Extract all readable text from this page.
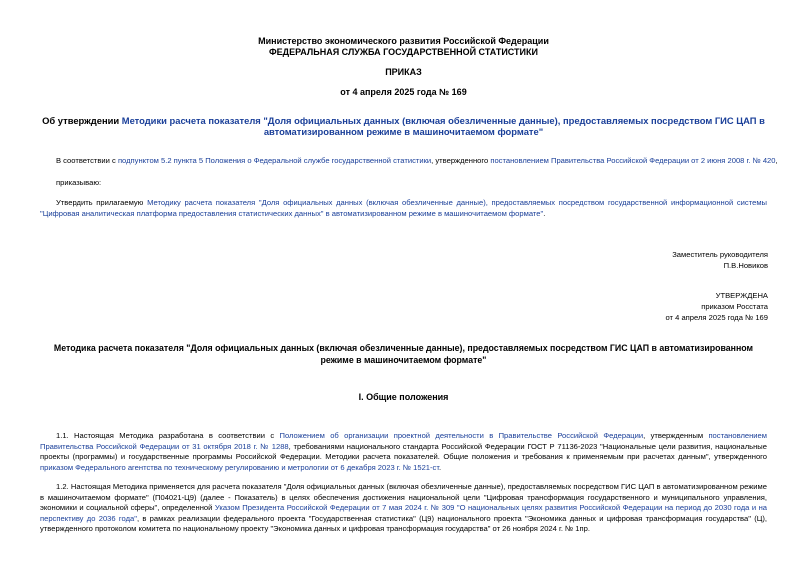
Министерство экономического развития Российской Федерации
ФЕДЕРАЛЬНАЯ СЛУЖБА ГОСУДАРСТВЕННОЙ СТАТИСТИКИ
ПРИКАЗ
от 4 апреля 2025 года № 169
Об утверждении Методики расчета показателя "Доля официальных данных (включая обезличенные данные), предоставляемых посредством ГИС ЦАП в
автоматизированном режиме в машиночитаемом формате"
В соответствии с подпунктом 5.2 пункта 5 Положения о Федеральной службе государственной статистики, утвержденного постановлением Правительства Российской Федерации от 2 июня 2008 г. № 420,
приказываю:
Утвердить прилагаемую Методику расчета показателя "Доля официальных данных (включая обезличенные данные), предоставляемых посредством государственной информационной системы "Цифровая аналитическая платформа предоставления статистических данных" в автоматизированном режиме в машиночитаемом формате".
Заместитель руководителя
П.В.Новиков
УТВЕРЖДЕНА
приказом Росстата
от 4 апреля 2025 года № 169
Методика расчета показателя "Доля официальных данных (включая обезличенные данные), предоставляемых посредством ГИС ЦАП в автоматизированном
режиме в машиночитаемом формате"
I. Общие положения
1.1. Настоящая Методика разработана в соответствии с Положением об организации проектной деятельности в Правительстве Российской Федерации, утвержденным постановлением Правительства Российской Федерации от 31 октября 2018 г. № 1288, требованиями национального стандарта Российской Федерации ГОСТ Р 71136-2023 "Национальные цели развития, национальные проекты (программы) и государственные программы Российской Федерации. Методики расчета показателей. Общие положения и требования к применяемым при расчетах данным", утвержденного приказом Федерального агентства по техническому регулированию и метрологии от 6 декабря 2023 г. № 1521-ст.
1.2. Настоящая Методика применяется для расчета показателя "Доля официальных данных (включая обезличенные данные), предоставляемых посредством ГИС ЦАП в автоматизированном режиме в машиночитаемом формате" (П04021-Ц9) (далее - Показатель) в целях обеспечения достижения национальной цели "Цифровая трансформация государственного и муниципального управления, экономики и социальной сферы", определенной Указом Президента Российской Федерации от 7 мая 2024 г. № 309 "О национальных целях развития Российской Федерации на период до 2030 года и на перспективу до 2036 года", в рамках реализации федерального проекта "Государственная статистика" (Ц9) национального проекта "Экономика данных и цифровая трансформация государства" (Ц), утвержденного протоколом комитета по национальному проекту "Экономика данных и цифровая трансформация государства" от 26 ноября 2024 г. № 1пр.
